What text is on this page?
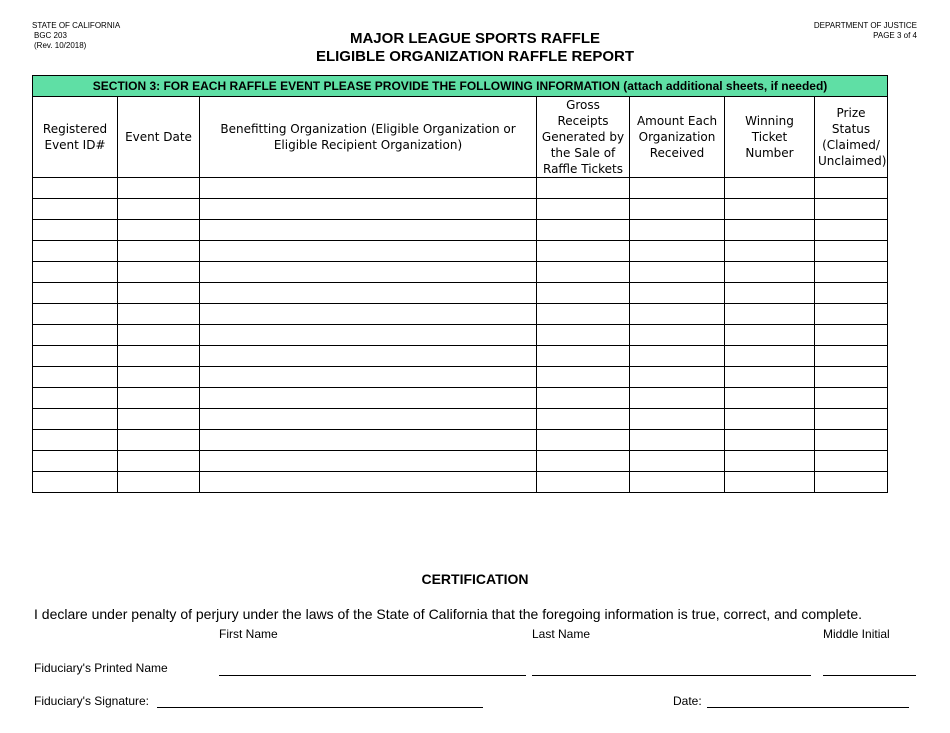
STATE OF CALIFORNIA
BGC 203
(Rev. 10/2018)
DEPARTMENT OF JUSTICE
PAGE 3 of 4
MAJOR LEAGUE SPORTS RAFFLE
ELIGIBLE ORGANIZATION RAFFLE REPORT
SECTION 3: FOR EACH RAFFLE EVENT PLEASE PROVIDE THE FOLLOWING INFORMATION (attach additional sheets, if needed)						
Registered Event ID#	Event Date	Benefitting Organization (Eligible Organization or Eligible Recipient Organization)	Gross Receipts Generated by the Sale of Raffle Tickets	Amount Each Organization Received	Winning Ticket Number	Prize Status (Claimed/ Unclaimed)

CERTIFICATION
I declare under penalty of perjury under the laws of the State of California that the foregoing information is true, correct, and complete.
First Name	Last Name	Middle Initial
Fiduciary's Printed Name
Fiduciary's Signature:	Date:
